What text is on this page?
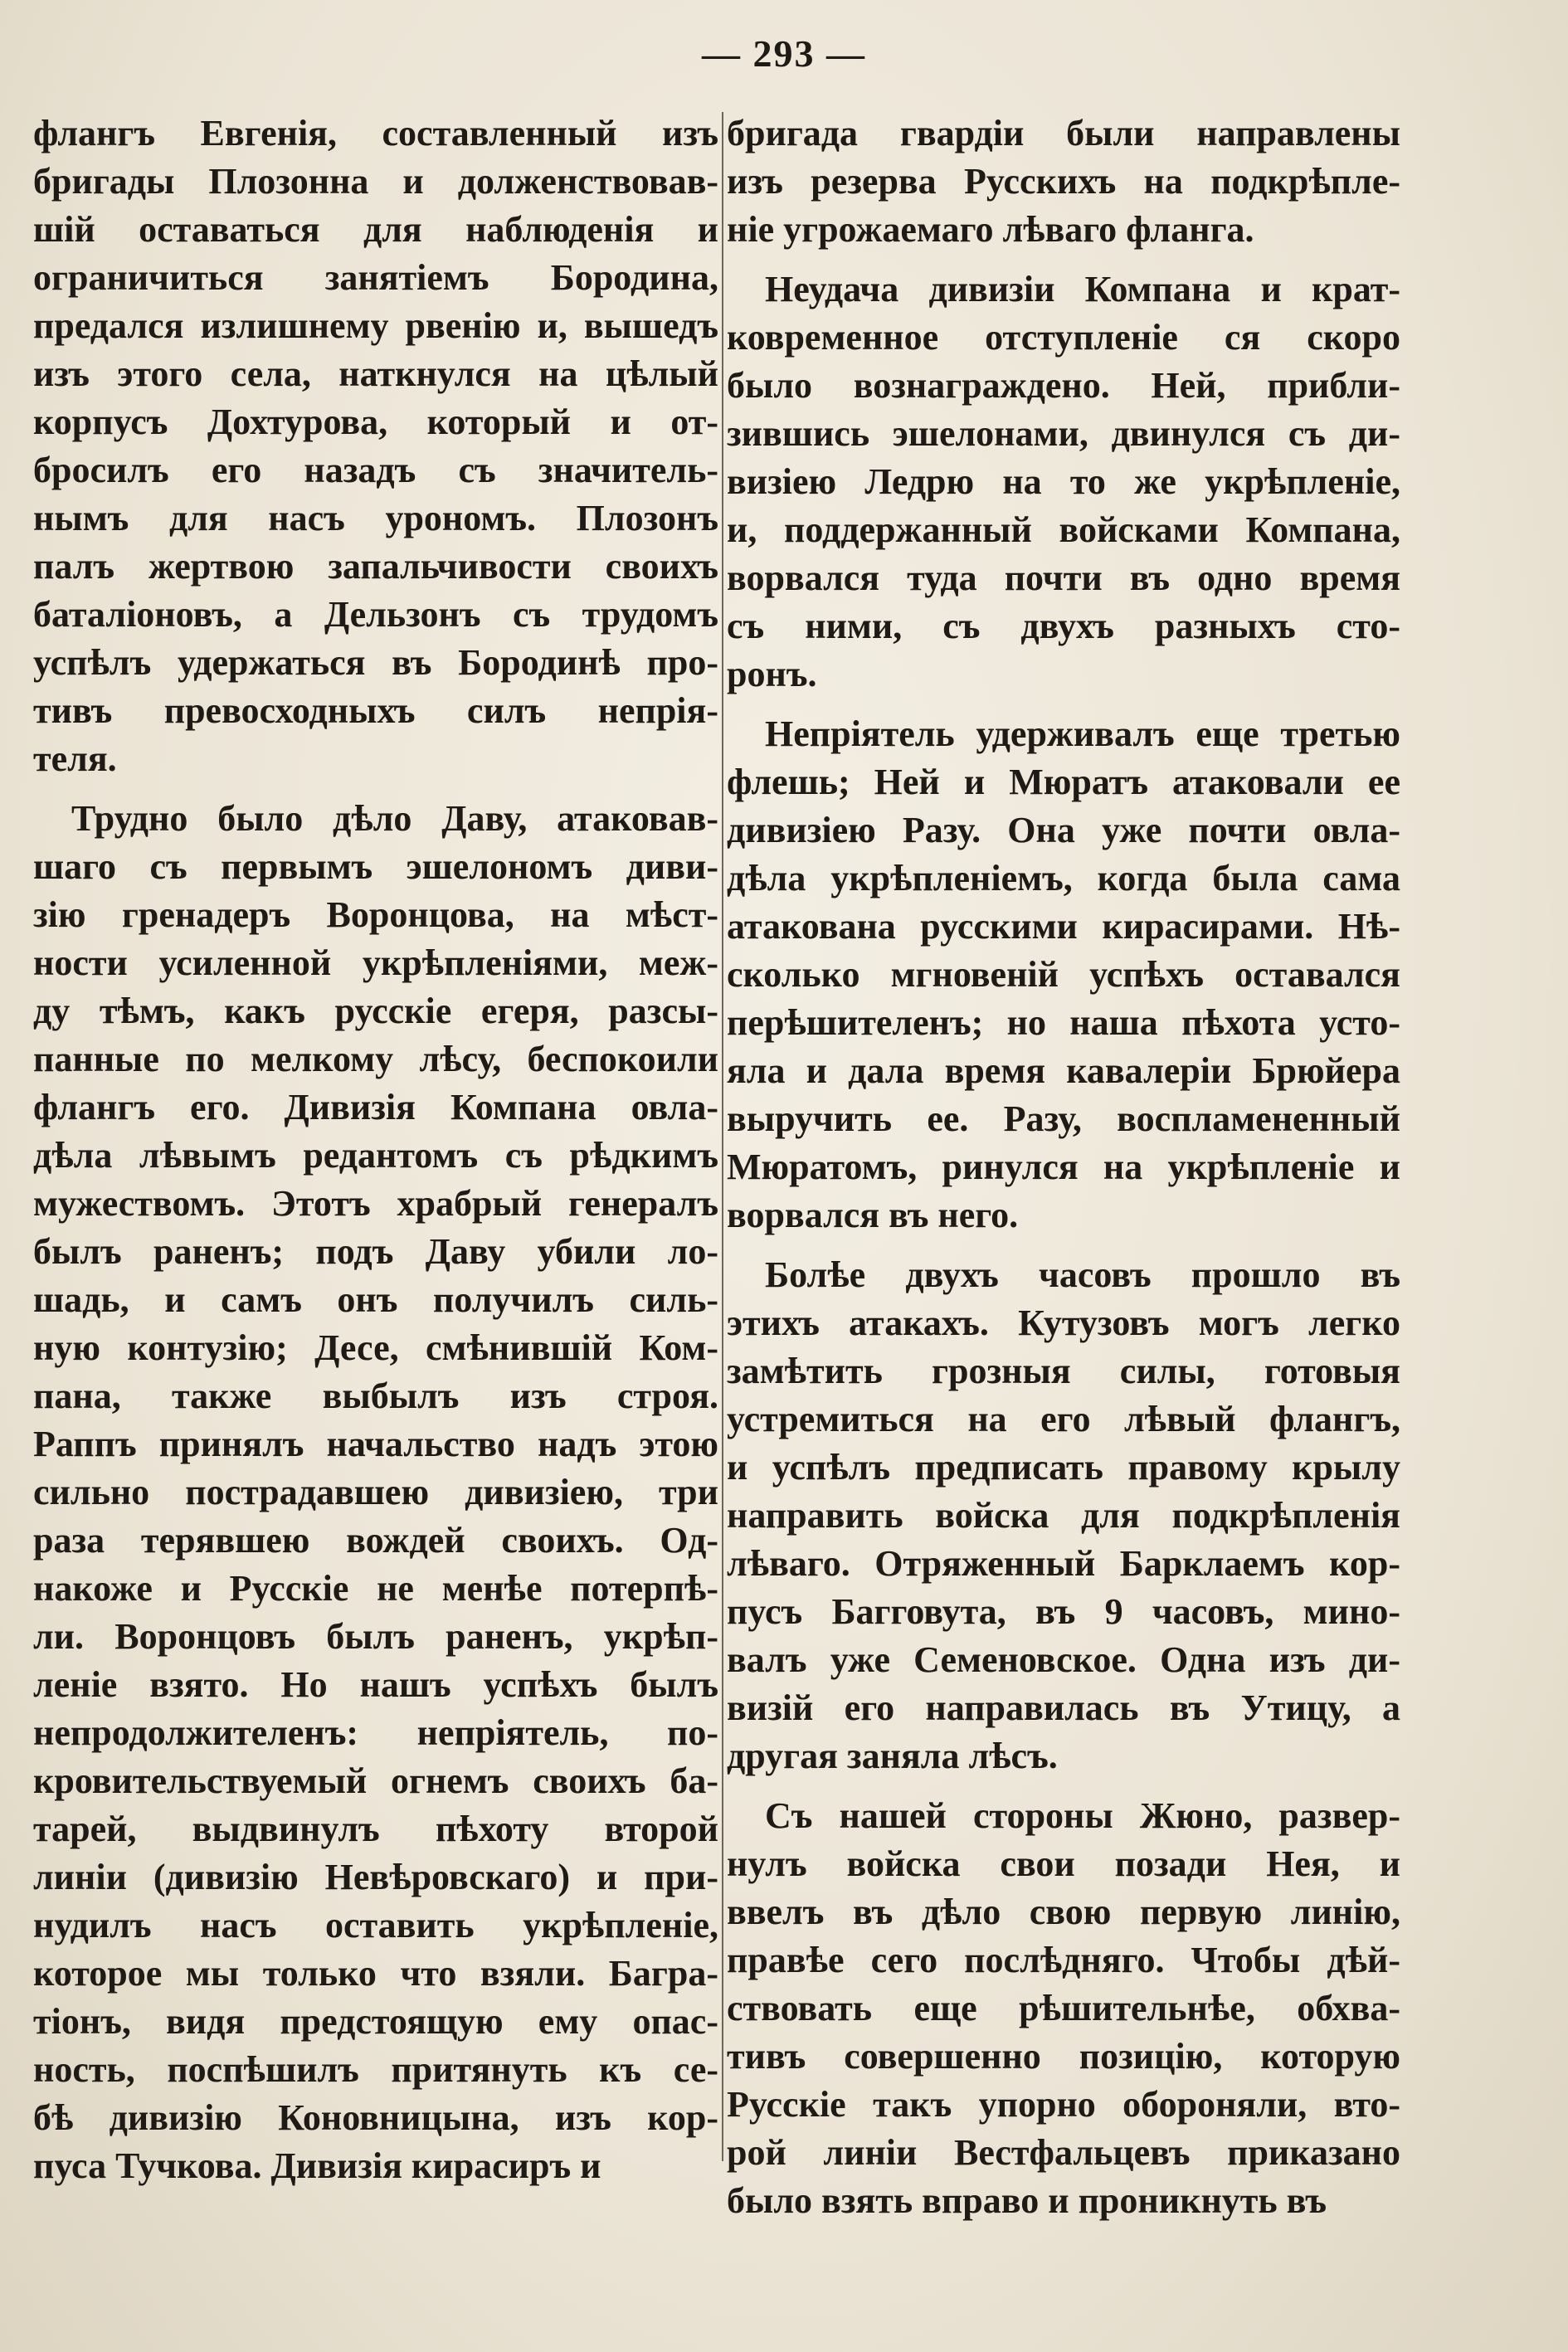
— 293 —
флангъ Евгенія, составленный изъ
бригады Плозонна и долженствовав-
шій оставаться для наблюденія и
ограничиться занятіемъ Бородина,
предался излишнему рвенію и, вышедъ
изъ этого села, наткнулся на цѣлый
корпусъ Дохтурова, который и от-
бросилъ его назадъ съ значитель-
нымъ для насъ урономъ. Плозонъ
палъ жертвою запальчивости своихъ
баталіоновъ, а Дельзонъ съ трудомъ
успѣлъ удержаться въ Бородинѣ про-
тивъ превосходныхъ силъ непрія-
теля.
Трудно было дѣло Даву, атаковав-
шаго съ первымъ эшелономъ диви-
зію гренадеръ Воронцова, на мѣст-
ности усиленной укрѣпленіями, меж-
ду тѣмъ, какъ русскіе егеря, разсы-
панные по мелкому лѣсу, беспокоили
флангъ его. Дивизія Компана овла-
дѣла лѣвымъ редантомъ съ рѣдкимъ
мужествомъ. Этотъ храбрый генералъ
былъ раненъ; подъ Даву убили ло-
шадь, и самъ онъ получилъ силь-
ную контузію; Десе, смѣнившій Ком-
пана, также выбылъ изъ строя.
Раппъ принялъ начальство надъ этою
сильно пострадавшею дивизіею, три
раза терявшею вождей своихъ. Од-
накоже и Русскіе не менѣе потерпѣ-
ли. Воронцовъ былъ раненъ, укрѣп-
леніе взято. Но нашъ успѣхъ былъ
непродолжителенъ: непріятель, по-
кровительствуемый огнемъ своихъ ба-
тарей, выдвинулъ пѣхоту второй
линіи (дивизію Невѣровскаго) и при-
нудилъ насъ оставить укрѣпленіе,
которое мы только что взяли. Багра-
тіонъ, видя предстоящую ему опас-
ность, поспѣшилъ притянуть къ се-
бѣ дивизію Коновницына, изъ кор-
пуса Тучкова. Дивизія кирасиръ и
бригада гвардіи были направлены
изъ резерва Русскихъ на подкрѣпле-
ніе угрожаемаго лѣваго фланга.
Неудача дивизіи Компана и крат-
ковременное отступленіе ся скоро
было вознаграждено. Ней, прибли-
зившись эшелонами, двинулся съ ди-
визіею Ледрю на то же укрѣпленіе,
и, поддержанный войсками Компана,
ворвался туда почти въ одно время
съ ними, съ двухъ разныхъ сто-
ронъ.
Непріятель удерживалъ еще третью
флешь; Ней и Мюратъ атаковали ее
дивизіею Разу. Она уже почти овла-
дѣла укрѣпленіемъ, когда была сама
атакована русскими кирасирами. Нѣ-
сколько мгновеній успѣхъ оставался
перѣшителенъ; но наша пѣхота усто-
яла и дала время кавалеріи Брюйера
выручить ее. Разу, воспламененный
Мюратомъ, ринулся на укрѣпленіе и
ворвался въ него.
Болѣе двухъ часовъ прошло въ
этихъ атакахъ. Кутузовъ могъ легко
замѣтить грозныя силы, готовыя
устремиться на его лѣвый флангъ,
и успѣлъ предписать правому крылу
направить войска для подкрѣпленія
лѣваго. Отряженный Барклаемъ кор-
пусъ Багговута, въ 9 часовъ, мино-
валъ уже Семеновское. Одна изъ ди-
визій его направилась въ Утицу, а
другая заняла лѣсъ.
Съ нашей стороны Жюно, развер-
нулъ войска свои позади Нея, и
ввелъ въ дѣло свою первую линію,
правѣе сего послѣдняго. Чтобы дѣй-
ствовать еще рѣшительнѣе, обхва-
тивъ совершенно позицію, которую
Русскіе такъ упорно обороняли, вто-
рой линіи Вестфальцевъ приказано
было взять вправо и проникнуть въ
